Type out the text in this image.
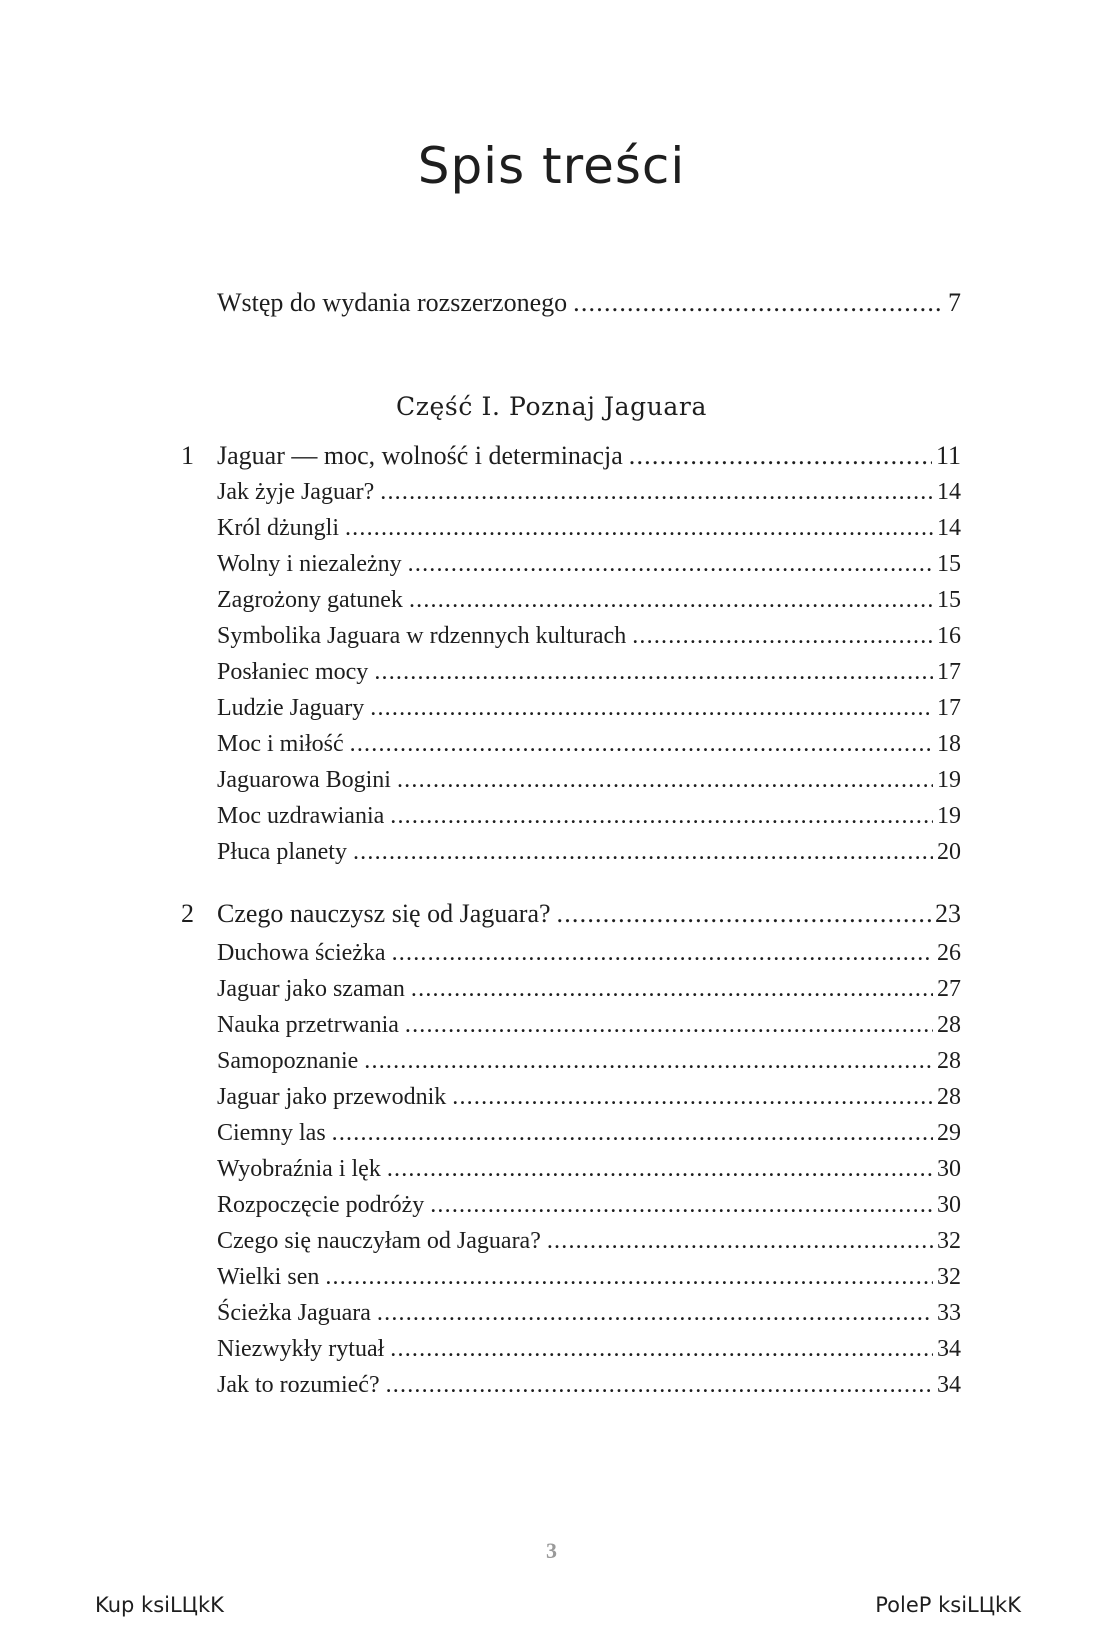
Spis treści
Wstęp do wydania rozszerzonego .....	7
Część I. Poznaj Jaguara
1 Jaguar — moc, wolność i determinacja .....	11
Jak żyje Jaguar? .....	14
Król dżungli .....	14
Wolny i niezależny .....	15
Zagrożony gatunek .....	15
Symbolika Jaguara w rdzennych kulturach .....	16
Posłaniec mocy .....	17
Ludzie Jaguary .....	17
Moc i miłość .....	18
Jaguarowa Bogini .....	19
Moc uzdrawiania .....	19
Płuca planety .....	20
2 Czego nauczysz się od Jaguara? .....	23
Duchowa ścieżka .....	26
Jaguar jako szaman .....	27
Nauka przetrwania .....	28
Samopoznanie .....	28
Jaguar jako przewodnik .....	28
Ciemny las .....	29
Wyobraźnia i lęk .....	30
Rozpoczęcie podróży .....	30
Czego się nauczyłam od Jaguara? .....	32
Wielki sen .....	32
Ścieżka Jaguara .....	33
Niezwykły rytuał .....	34
Jak to rozumieć? .....	34
3
Kup ksiLЦkK	PoleP ksiLЦkK
